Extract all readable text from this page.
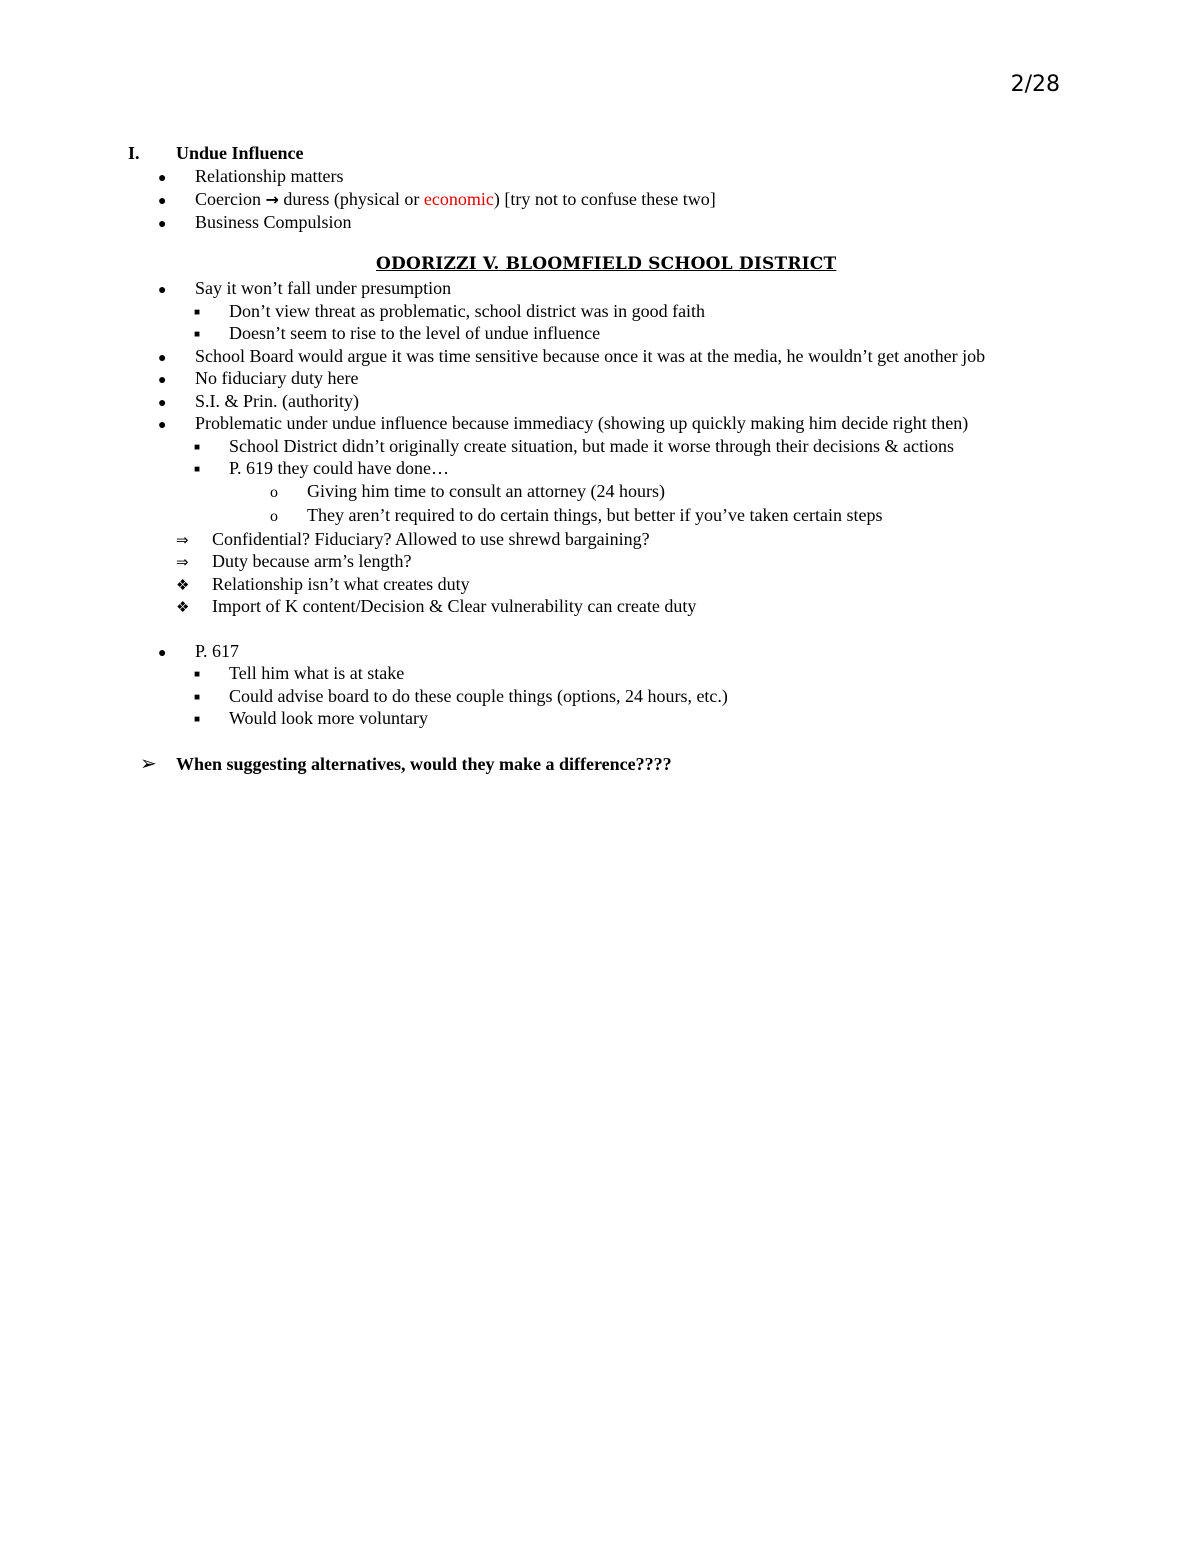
2/28
I. Undue Influence
● Relationship matters
● Coercion → duress (physical or economic) [try not to confuse these two]
● Business Compulsion
ODORIZZI V. BLOOMFIELD SCHOOL DISTRICT
● Say it won’t fall under presumption
■ Don’t view threat as problematic, school district was in good faith
■ Doesn’t seem to rise to the level of undue influence
● School Board would argue it was time sensitive because once it was at the media, he wouldn’t get another job
● No fiduciary duty here
● S.I. & Prin. (authority)
● Problematic under undue influence because immediacy (showing up quickly making him decide right then)
■ School District didn’t originally create situation, but made it worse through their decisions & actions
■ P. 619 they could have done…
o Giving him time to consult an attorney (24 hours)
o They aren’t required to do certain things, but better if you’ve taken certain steps
⇒ Confidential? Fiduciary? Allowed to use shrewd bargaining?
⇒ Duty because arm’s length?
❖ Relationship isn’t what creates duty
❖ Import of K content/Decision & Clear vulnerability can create duty
● P. 617
■ Tell him what is at stake
■ Could advise board to do these couple things (options, 24 hours, etc.)
■ Would look more voluntary
➢ When suggesting alternatives, would they make a difference????
